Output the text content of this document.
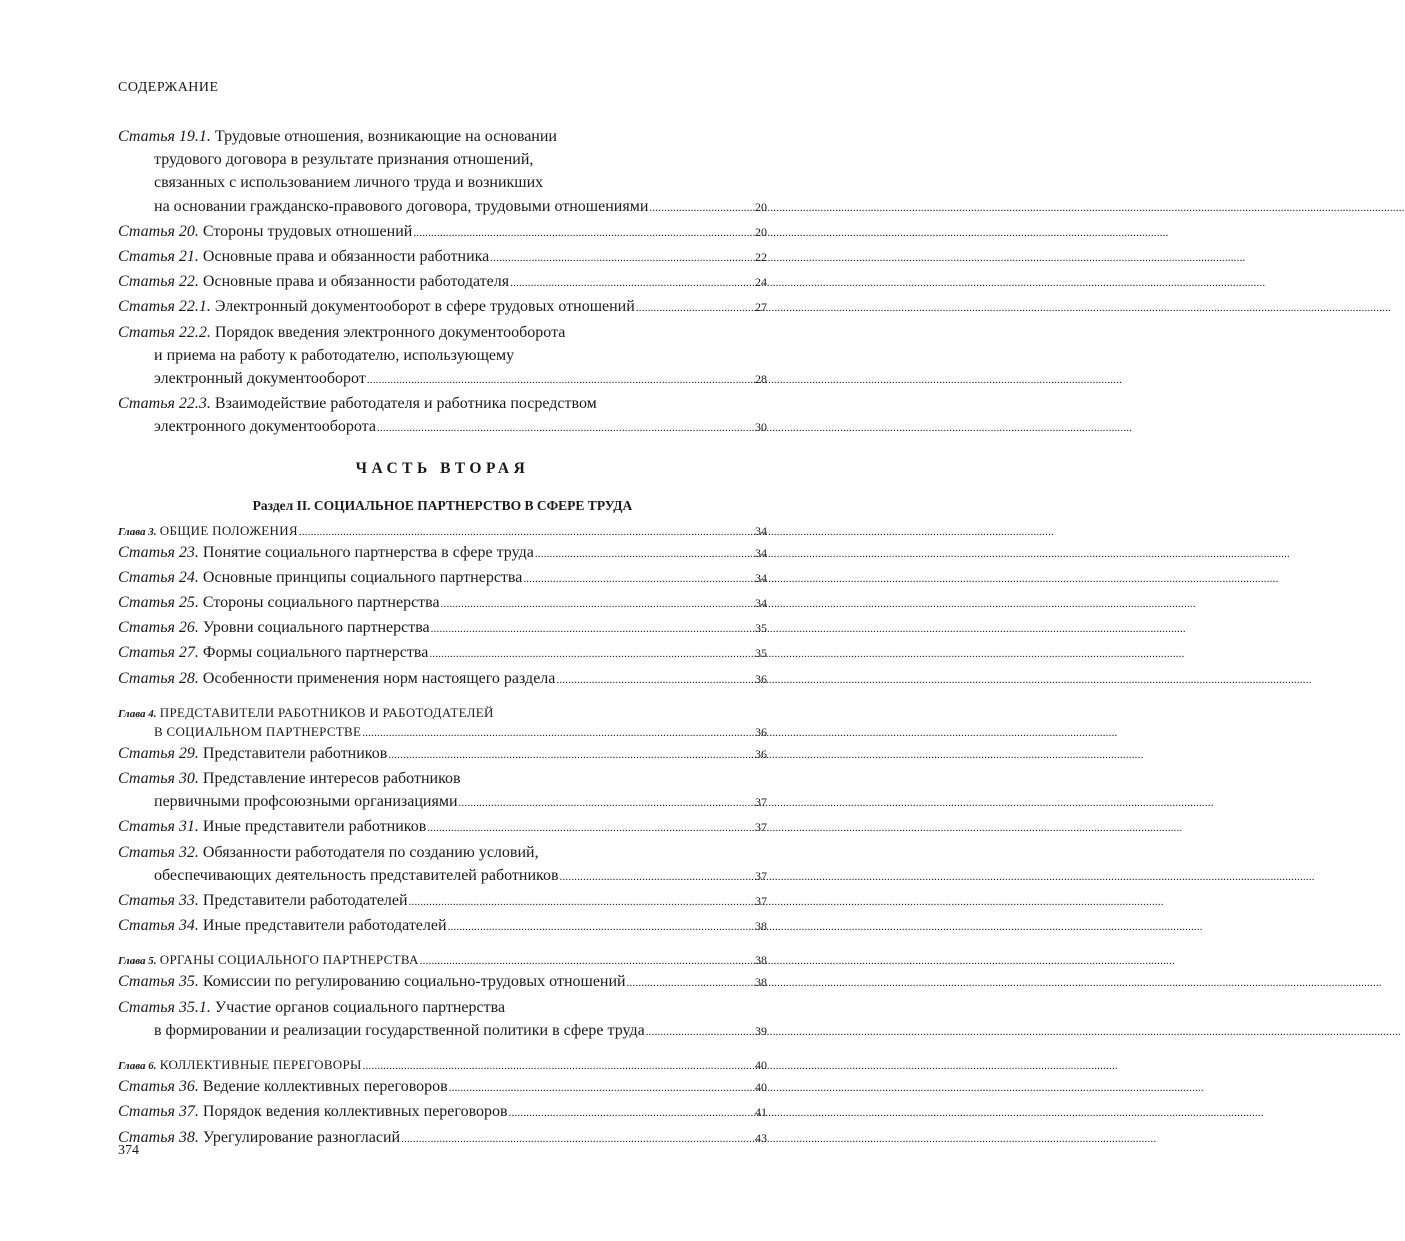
СОДЕРЖАНИЕ
Статья 19.1. Трудовые отношения, возникающие на основании
трудового договора в результате признания отношений,
связанных с использованием личного труда и возникших
на основании гражданско-правового договора, трудовыми отношениями .....	20
Статья 20. Стороны трудовых отношений .....	20
Статья 21. Основные права и обязанности работника .....	22
Статья 22. Основные права и обязанности работодателя .....	24
Статья 22.1. Электронный документооборот в сфере трудовых отношений .....	27
Статья 22.2. Порядок введения электронного документооборота
и приема на работу к работодателю, использующему
электронный документооборот .....	28
Статья 22.3. Взаимодействие работодателя и работника посредством
электронного документооборота .....	30
ЧАСТЬ ВТОРАЯ
Раздел II. СОЦИАЛЬНОЕ ПАРТНЕРСТВО В СФЕРЕ ТРУДА
Глава 3. ОБЩИЕ ПОЛОЖЕНИЯ .....	34
Статья 23. Понятие социального партнерства в сфере труда .....	34
Статья 24. Основные принципы социального партнерства .....	34
Статья 25. Стороны социального партнерства .....	34
Статья 26. Уровни социального партнерства .....	35
Статья 27. Формы социального партнерства .....	35
Статья 28. Особенности применения норм настоящего раздела .....	36
Глава 4. ПРЕДСТАВИТЕЛИ РАБОТНИКОВ И РАБОТОДАТЕЛЕЙ
В СОЦИАЛЬНОМ ПАРТНЕРСТВЕ .....	36
Статья 29. Представители работников .....	36
Статья 30. Представление интересов работников
первичными профсоюзными организациями .....	37
Статья 31. Иные представители работников .....	37
Статья 32. Обязанности работодателя по созданию условий,
обеспечивающих деятельность представителей работников .....	37
Статья 33. Представители работодателей .....	37
Статья 34. Иные представители работодателей .....	38
Глава 5. ОРГАНЫ СОЦИАЛЬНОГО ПАРТНЕРСТВА .....	38
Статья 35. Комиссии по регулированию социально-трудовых отношений .....	38
Статья 35.1. Участие органов социального партнерства
в формировании и реализации государственной политики в сфере труда .....	39
Глава 6. КОЛЛЕКТИВНЫЕ ПЕРЕГОВОРЫ .....	40
Статья 36. Ведение коллективных переговоров .....	40
Статья 37. Порядок ведения коллективных переговоров .....	41
Статья 38. Урегулирование разногласий .....	43
374
